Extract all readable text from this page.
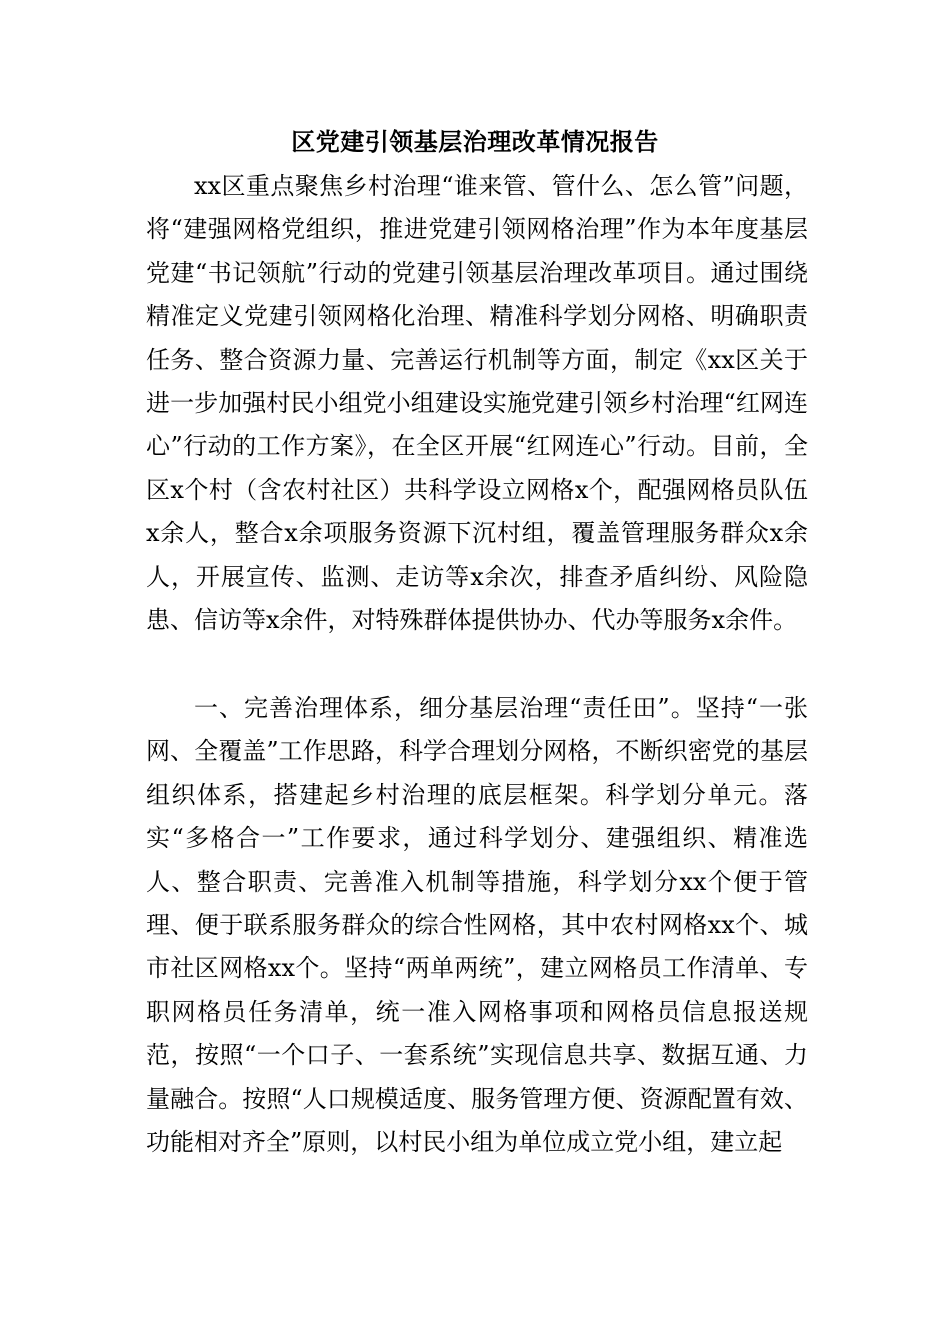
区党建引领基层治理改革情况报告

xx区重点聚焦乡村治理“谁来管、管什么、怎么管”问题，将“建强网格党组织，推进党建引领网格治理”作为本年度基层党建“书记领航”行动的党建引领基层治理改革项目。通过围绕精准定义党建引领网格化治理、精准科学划分网格、明确职责任务、整合资源力量、完善运行机制等方面，制定《xx区关于进一步加强村民小组党小组建设实施党建引领乡村治理“红网连心”行动的工作方案》，在全区开展“红网连心”行动。目前，全区x个村（含农村社区）共科学设立网格x个，配强网格员队伍x余人，整合x余项服务资源下沉村组，覆盖管理服务群众x余人，开展宣传、监测、走访等x余次，排查矛盾纠纷、风险隐患、信访等x余件，对特殊群体提供协办、代办等服务x余件。

一、完善治理体系，细分基层治理“责任田”。坚持“一张网、全覆盖”工作思路，科学合理划分网格，不断织密党的基层组织体系，搭建起乡村治理的底层框架。科学划分单元。落实“多格合一”工作要求，通过科学划分、建强组织、精准选人、整合职责、完善准入机制等措施，科学划分xx个便于管理、便于联系服务群众的综合性网格，其中农村网格xx个、城市社区网格xx个。坚持“两单两统”，建立网格员工作清单、专职网格员任务清单，统一准入网格事项和网格员信息报送规范，按照“一个口子、一套系统”实现信息共享、数据互通、力量融合。按照“人口规模适度、服务管理方便、资源配置有效、功能相对齐全”原则，以村民小组为单位成立党小组，建立起
